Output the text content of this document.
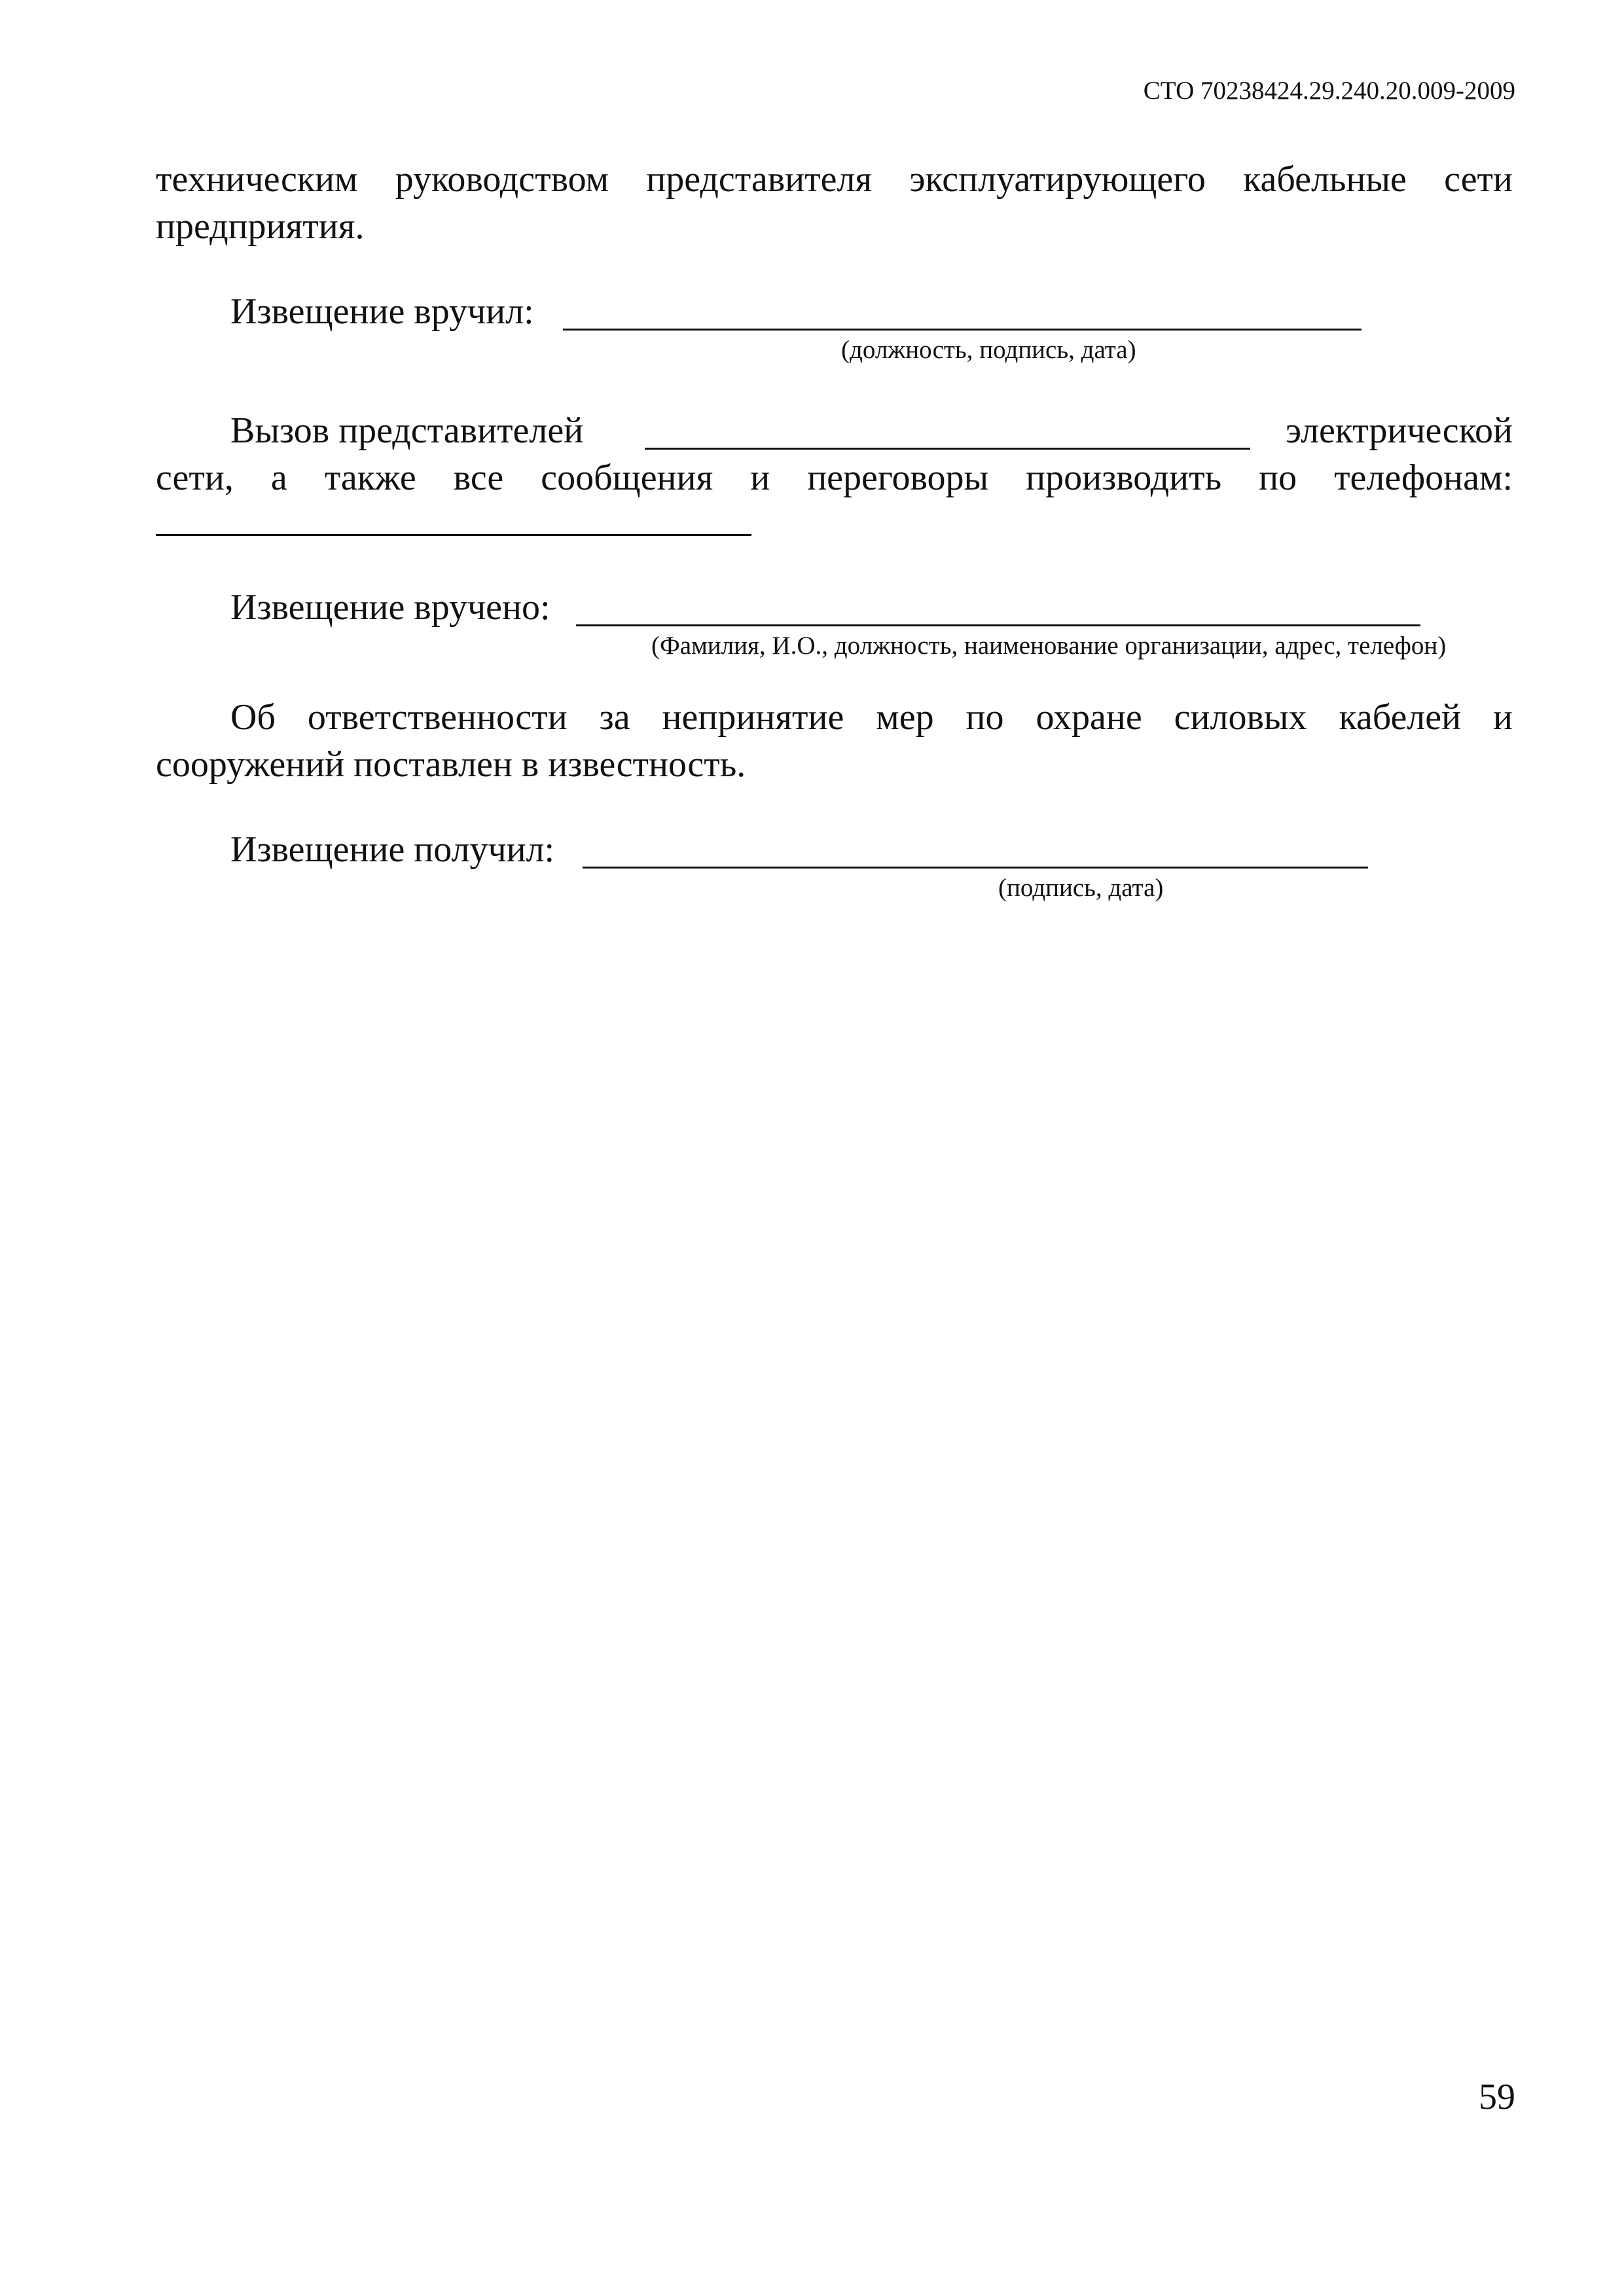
СТО 70238424.29.240.20.009-2009
техническим руководством представителя эксплуатирующего кабельные сети
предприятия.
Извещение вручил:
(должность, подпись, дата)
Вызов представителей	электрической
сети, а также все сообщения и переговоры производить по телефонам:
Извещение вручено:
(Фамилия, И.О., должность, наименование организации, адрес, телефон)
Об ответственности за непринятие мер по охране силовых кабелей и
сооружений поставлен в известность.
Извещение получил:
(подпись, дата)
59
